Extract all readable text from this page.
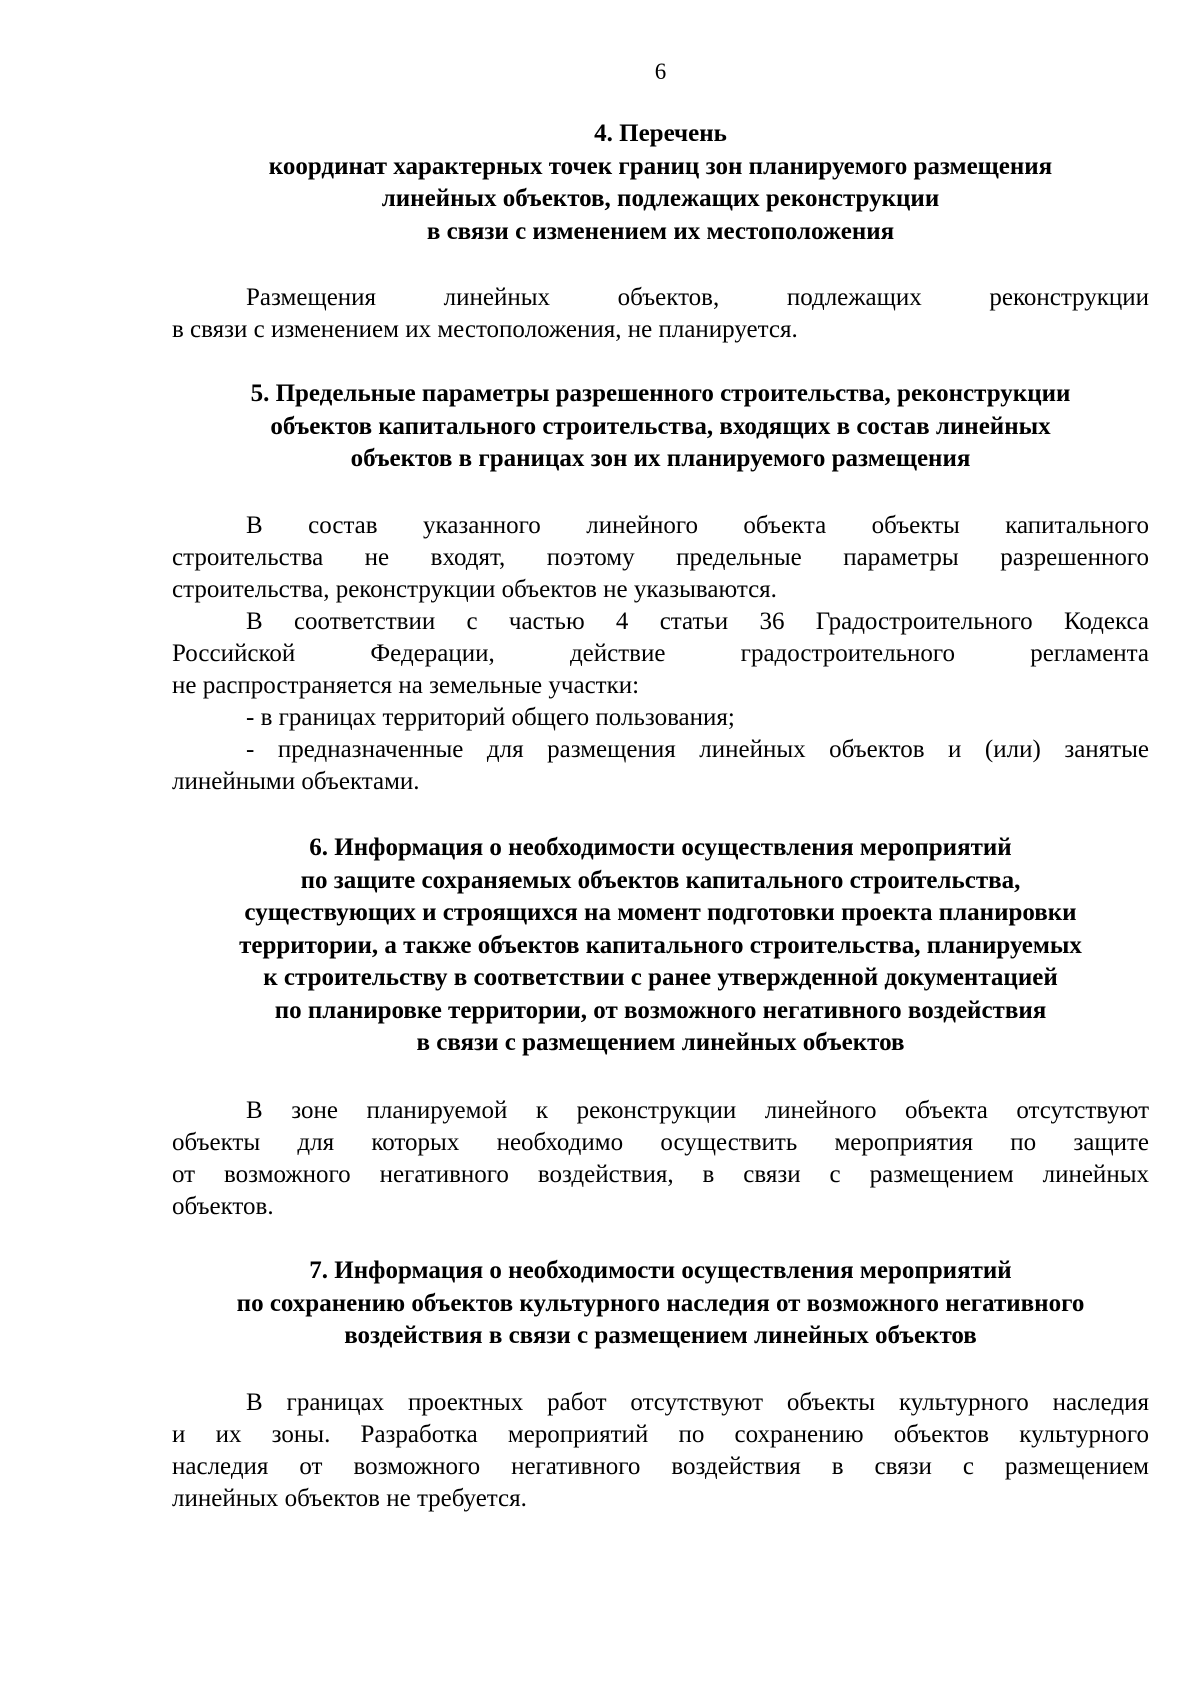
6
4. Перечень
координат характерных точек границ зон планируемого размещения
линейных объектов, подлежащих реконструкции
в связи с изменением их местоположения
Размещения линейных объектов, подлежащих реконструкции
в связи с изменением их местоположения, не планируется.
5. Предельные параметры разрешенного строительства, реконструкции
объектов капитального строительства, входящих в состав линейных
объектов в границах зон их планируемого размещения
В состав указанного линейного объекта объекты капитального
строительства не входят, поэтому предельные параметры разрешенного
строительства, реконструкции объектов не указываются.
В соответствии с частью 4 статьи 36 Градостроительного Кодекса
Российской Федерации, действие градостроительного регламента
не распространяется на земельные участки:
- в границах территорий общего пользования;
- предназначенные для размещения линейных объектов и (или) занятые
линейными объектами.
6. Информация о необходимости осуществления мероприятий
по защите сохраняемых объектов капитального строительства,
существующих и строящихся на момент подготовки проекта планировки
территории, а также объектов капитального строительства, планируемых
к строительству в соответствии с ранее утвержденной документацией
по планировке территории, от возможного негативного воздействия
в связи с размещением линейных объектов
В зоне планируемой к реконструкции линейного объекта отсутствуют
объекты для которых необходимо осуществить мероприятия по защите
от возможного негативного воздействия, в связи с размещением линейных
объектов.
7. Информация о необходимости осуществления мероприятий
по сохранению объектов культурного наследия от возможного негативного
воздействия в связи с размещением линейных объектов
В границах проектных работ отсутствуют объекты культурного наследия
и их зоны. Разработка мероприятий по сохранению объектов культурного
наследия от возможного негативного воздействия в связи с размещением
линейных объектов не требуется.
